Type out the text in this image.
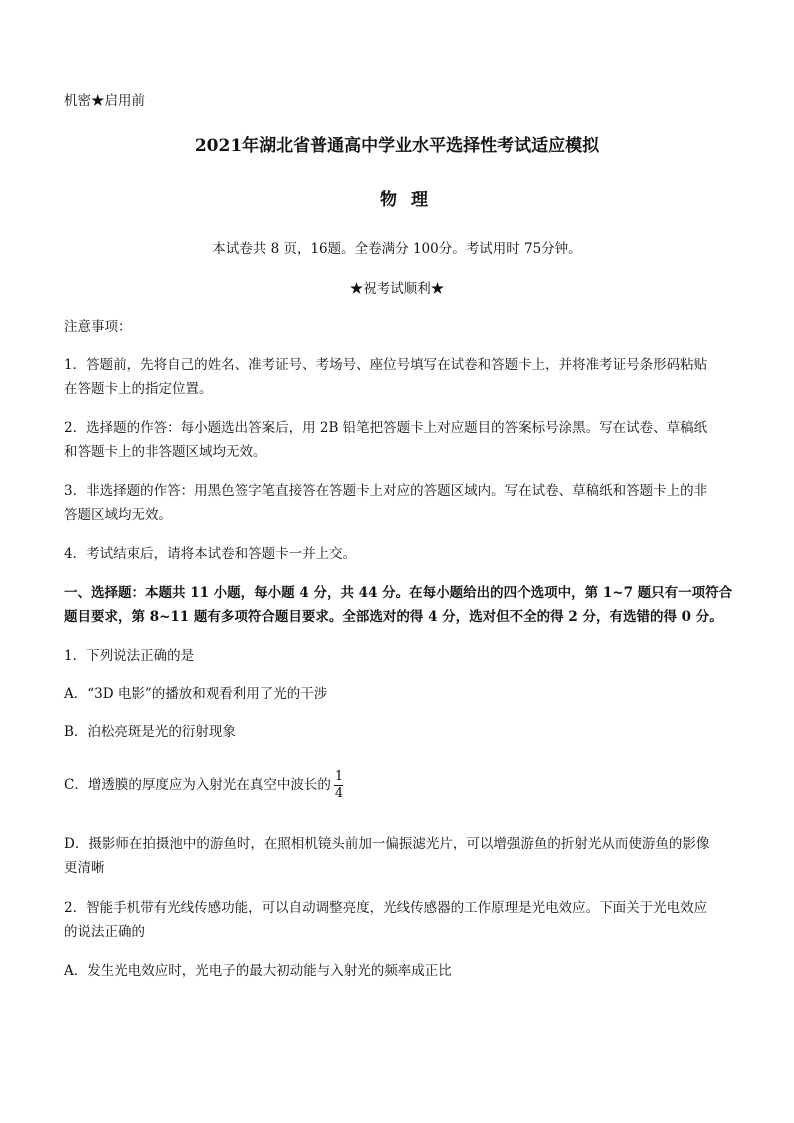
机密★启用前
2021年湖北省普通高中学业水平选择性考试适应模拟
物理
本试卷共 8 页，16题。全卷满分 100分。考试用时 75分钟。
★祝考试顺利★
注意事项：
1．答题前，先将自己的姓名、准考证号、考场号、座位号填写在试卷和答题卡上，并将准考证号条形码粘贴
在答题卡上的指定位置。
2．选择题的作答：每小题选出答案后，用 2B 铅笔把答题卡上对应题目的答案标号涂黑。写在试卷、草稿纸
和答题卡上的非答题区域均无效。
3．非选择题的作答：用黑色签字笔直接答在答题卡上对应的答题区域内。写在试卷、草稿纸和答题卡上的非
答题区域均无效。
4．考试结束后，请将本试卷和答题卡一并上交。
一、选择题：本题共 11 小题，每小题 4 分，共 44 分。在每小题给出的四个选项中，第 1~7 题只有一项符合
题目要求，第 8~11 题有多项符合题目要求。全部选对的得 4 分，选对但不全的得 2 分，有选错的得 0 分。
1．下列说法正确的是
A．“3D 电影”的播放和观看利用了光的干涉
B．泊松亮斑是光的衍射现象
C．增透膜的厚度应为入射光在真空中波长的 $\frac{1}{4}$
D．摄影师在拍摄池中的游鱼时，在照相机镜头前加一偏振滤光片，可以增强游鱼的折射光从而使游鱼的影像
更清晰
2．智能手机带有光线传感功能，可以自动调整亮度，光线传感器的工作原理是光电效应。下面关于光电效应
的说法正确的
A．发生光电效应时，光电子的最大初动能与入射光的频率成正比
